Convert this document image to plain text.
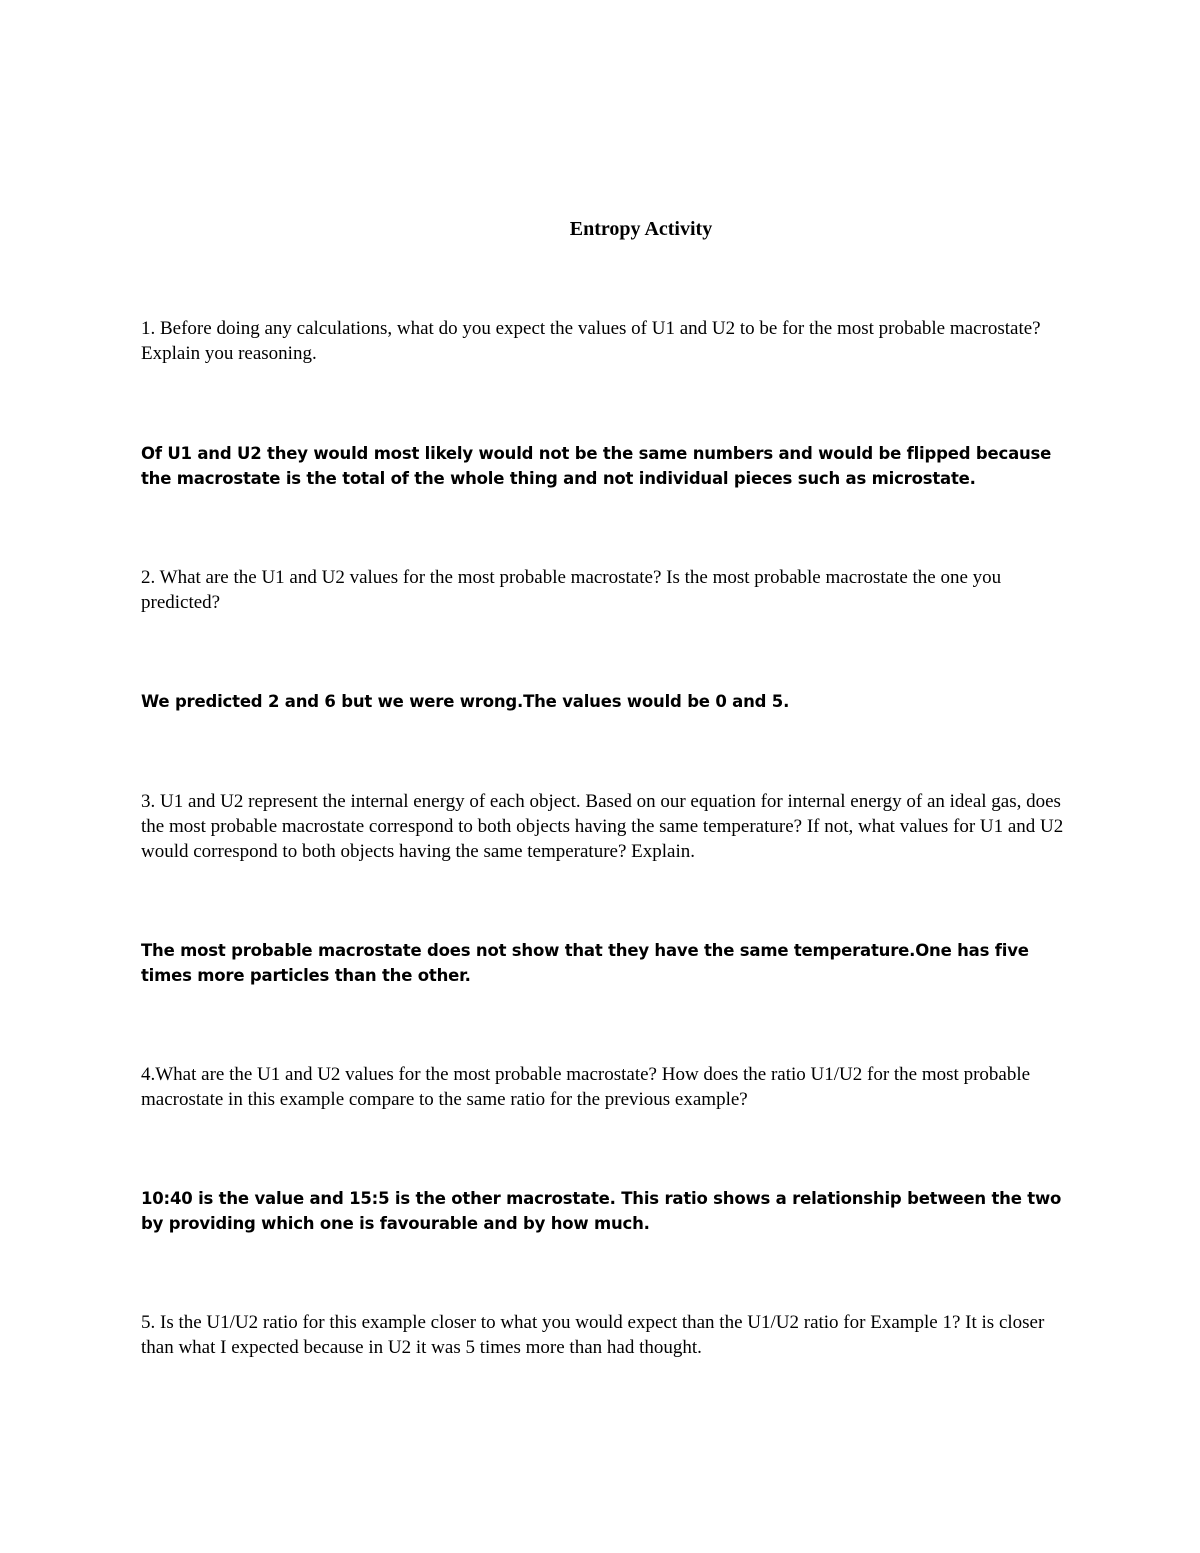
Entropy Activity

1. Before doing any calculations, what do you expect the values of U1 and U2 to be for the most probable macrostate? Explain you reasoning.

Of U1 and U2 they would most likely would not be the same numbers and would be flipped because the macrostate is the total of the whole thing and not individual pieces such as microstate.

2. What are the U1 and U2 values for the most probable macrostate? Is the most probable macrostate the one you predicted?

We predicted 2 and 6 but we were wrong.The values would be 0 and 5.

3. U1 and U2 represent the internal energy of each object. Based on our equation for internal energy of an ideal gas, does the most probable macrostate correspond to both objects having the same temperature? If not, what values for U1 and U2 would correspond to both objects having the same temperature? Explain.

The most probable macrostate does not show that they have the same temperature.One has five times more particles than the other.

4.What are the U1 and U2 values for the most probable macrostate? How does the ratio U1/U2 for the most probable macrostate in this example compare to the same ratio for the previous example?

10:40 is the value and 15:5 is the other macrostate. This ratio shows a relationship between the two by providing which one is favourable and by how much.

5. Is the U1/U2 ratio for this example closer to what you would expect than the U1/U2 ratio for Example 1? It is closer than what I expected because in U2 it was 5 times more than had thought.
